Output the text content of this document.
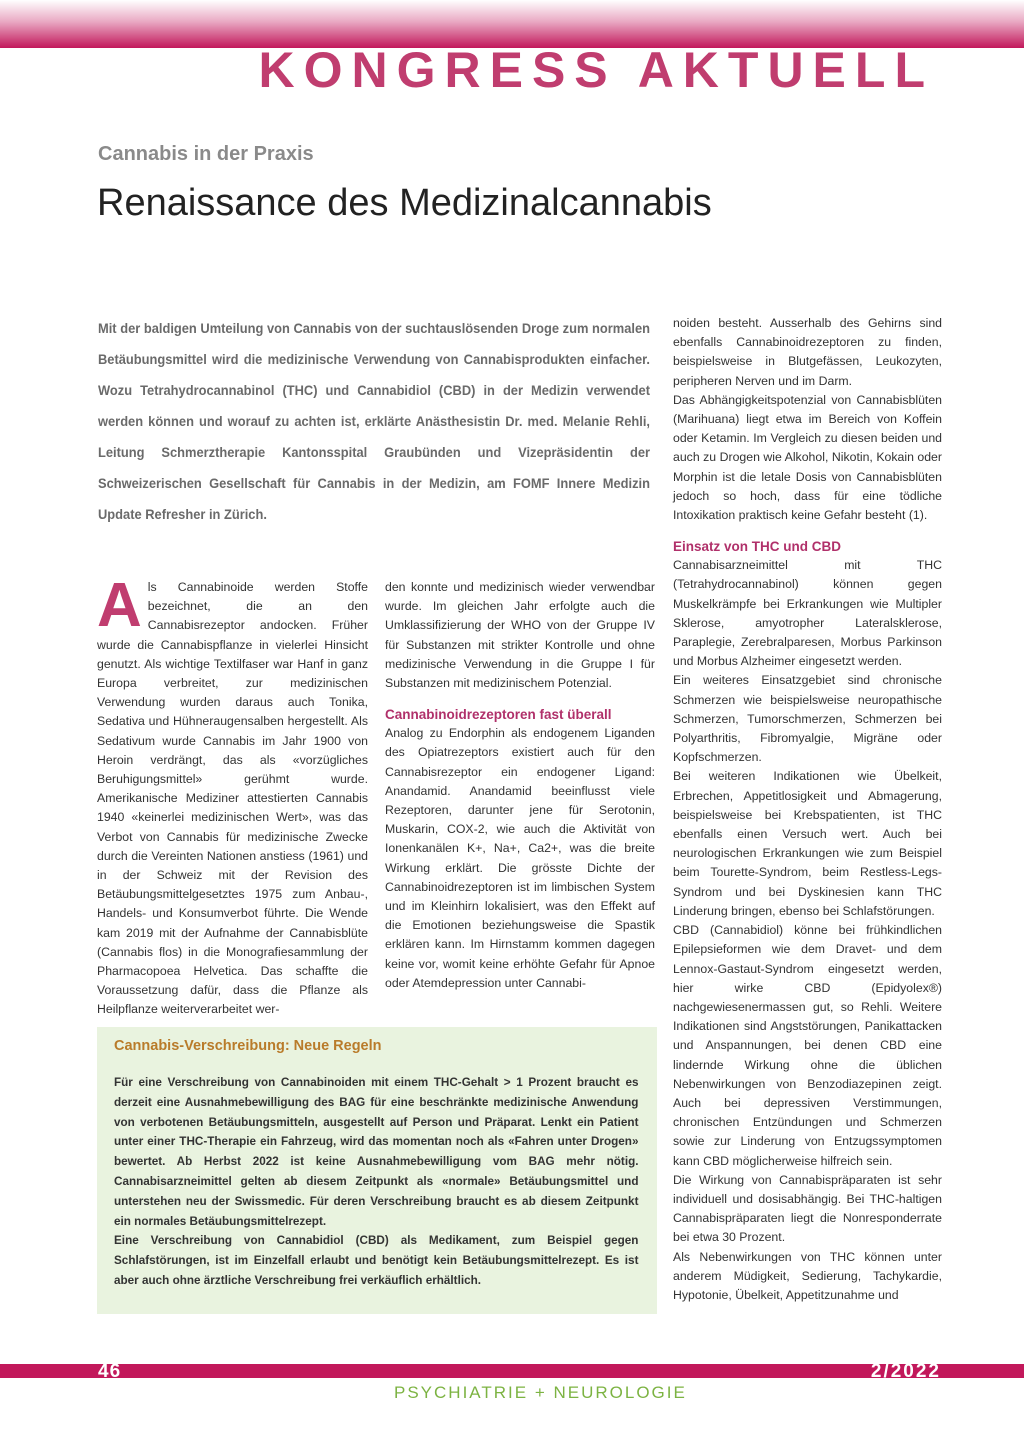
KONGRESS AKTUELL
Cannabis in der Praxis
Renaissance des Medizinalcannabis
Mit der baldigen Umteilung von Cannabis von der suchtauslösenden Droge zum normalen Betäubungsmittel wird die medizinische Verwendung von Cannabisprodukten einfacher. Wozu Tetrahydrocannabinol (THC) und Cannabidiol (CBD) in der Medizin verwendet werden können und worauf zu achten ist, erklärte Anästhesistin Dr. med. Melanie Rehli, Leitung Schmerztherapie Kantonsspital Graubünden und Vizepräsidentin der Schweizerischen Gesellschaft für Cannabis in der Medizin, am FOMF Innere Medizin Update Refresher in Zürich.
A ls Cannabinoide werden Stoffe bezeichnet, die an den Cannabisrezeptor andocken. Früher wurde die Cannabispflanze in vielerlei Hinsicht genutzt. Als wichtige Textilfaser war Hanf in ganz Europa verbreitet, zur medizinischen Verwendung wurden daraus auch Tonika, Sedativa und Hühneraugensalben hergestellt. Als Sedativum wurde Cannabis im Jahr 1900 von Heroin verdrängt, das als «vorzügliches Beruhigungsmittel» gerühmt wurde. Amerikanische Mediziner attestierten Cannabis 1940 «keinerlei medizinischen Wert», was das Verbot von Cannabis für medizinische Zwecke durch die Vereinten Nationen anstiess (1961) und in der Schweiz mit der Revision des Betäubungsmittelgesetztes 1975 zum Anbau-, Handels- und Konsumverbot führte. Die Wende kam 2019 mit der Aufnahme der Cannabisblüte (Cannabis flos) in die Monografiesammlung der Pharmacopoea Helvetica. Das schaffte die Voraussetzung dafür, dass die Pflanze als Heilpflanze weiterverarbeitet wer-

den konnte und medizinisch wieder verwendbar wurde. Im gleichen Jahr erfolgte auch die Umklassifizierung der WHO von der Gruppe IV für Substanzen mit strikter Kontrolle und ohne medizinische Verwendung in die Gruppe I für Substanzen mit medizinischem Potenzial.

Cannabinoidrezeptoren fast überall

Analog zu Endorphin als endogenem Liganden des Opiatrezeptors existiert auch für den Cannabisrezeptor ein endogener Ligand: Anandamid. Anandamid beeinflusst viele Rezeptoren, darunter jene für Serotonin, Muskarin, COX-2, wie auch die Aktivität von Ionenkanälen K+, Na+, Ca2+, was die breite Wirkung erklärt. Die grösste Dichte der Cannabinoidrezeptoren ist im limbischen System und im Kleinhirn lokalisiert, was den Effekt auf die Emotionen beziehungsweise die Spastik erklären kann. Im Hirnstamm kommen dagegen keine vor, womit keine erhöhte Gefahr für Apnoe oder Atemdepression unter Cannabi-

noiden besteht. Ausserhalb des Gehirns sind ebenfalls Cannabinoidrezeptoren zu finden, beispielsweise in Blutgefässen, Leukozyten, peripheren Nerven und im Darm.

Das Abhängigkeitspotenzial von Cannabisblüten (Marihuana) liegt etwa im Bereich von Koffein oder Ketamin. Im Vergleich zu diesen beiden und auch zu Drogen wie Alkohol, Nikotin, Kokain oder Morphin ist die letale Dosis von Cannabisblüten jedoch so hoch, dass für eine tödliche Intoxikation praktisch keine Gefahr besteht (1).

Einsatz von THC und CBD

Cannabisarzneimittel mit THC (Tetrahydrocannabinol) können gegen Muskelkrämpfe bei Erkrankungen wie Multipler Sklerose, amyotropher Lateralsklerose, Paraplegie, Zerebralparesen, Morbus Parkinson und Morbus Alzheimer eingesetzt werden.

Ein weiteres Einsatzgebiet sind chronische Schmerzen wie beispielsweise neuropathische Schmerzen, Tumorschmerzen, Schmerzen bei Polyarthritis, Fibromyalgie, Migräne oder Kopfschmerzen.

Bei weiteren Indikationen wie Übelkeit, Erbrechen, Appetitlosigkeit und Abmagerung, beispielsweise bei Krebspatienten, ist THC ebenfalls einen Versuch wert. Auch bei neurologischen Erkrankungen wie zum Beispiel beim Tourette-Syndrom, beim Restless-Legs-Syndrom und bei Dyskinesien kann THC Linderung bringen, ebenso bei Schlafstörungen.

CBD (Cannabidiol) könne bei frühkindlichen Epilepsieformen wie dem Dravet- und dem Lennox-Gastaut-Syndrom eingesetzt werden, hier wirke CBD (Epidyolex®) nachgewiesenermassen gut, so Rehli. Weitere Indikationen sind Angststörungen, Panikattacken und Anspannungen, bei denen CBD eine lindernde Wirkung ohne die üblichen Nebenwirkungen von Benzodiazepinen zeigt. Auch bei depressiven Verstimmungen, chronischen Entzündungen und Schmerzen sowie zur Linderung von Entzugssymptomen kann CBD möglicherweise hilfreich sein.

Die Wirkung von Cannabispräparaten ist sehr individuell und dosisabhängig. Bei THC-haltigen Cannabispräparaten liegt die Nonresponderrate bei etwa 30 Prozent.

Als Nebenwirkungen von THC können unter anderem Müdigkeit, Sedierung, Tachykardie, Hypotonie, Übelkeit, Appetitzunahme und

Cannabis-Verschreibung: Neue Regeln

Für eine Verschreibung von Cannabinoiden mit einem THC-Gehalt > 1 Prozent braucht es derzeit eine Ausnahmebewilligung des BAG für eine beschränkte medizinische Anwendung von verbotenen Betäubungsmitteln, ausgestellt auf Person und Präparat. Lenkt ein Patient unter einer THC-Therapie ein Fahrzeug, wird das momentan noch als «Fahren unter Drogen» bewertet. Ab Herbst 2022 ist keine Ausnahmebewilligung vom BAG mehr nötig. Cannabisarzneimittel gelten ab diesem Zeitpunkt als «normale» Betäubungsmittel und unterstehen neu der Swissmedic. Für deren Verschreibung braucht es ab diesem Zeitpunkt ein normales Betäubungsmittelrezept.

Eine Verschreibung von Cannabidiol (CBD) als Medikament, zum Beispiel gegen Schlafstörungen, ist im Einzelfall erlaubt und benötigt kein Betäubungsmittelrezept. Es ist aber auch ohne ärztliche Verschreibung frei verkäuflich erhältlich.

46	2/2022
PSYCHIATRIE + NEUROLOGIE
